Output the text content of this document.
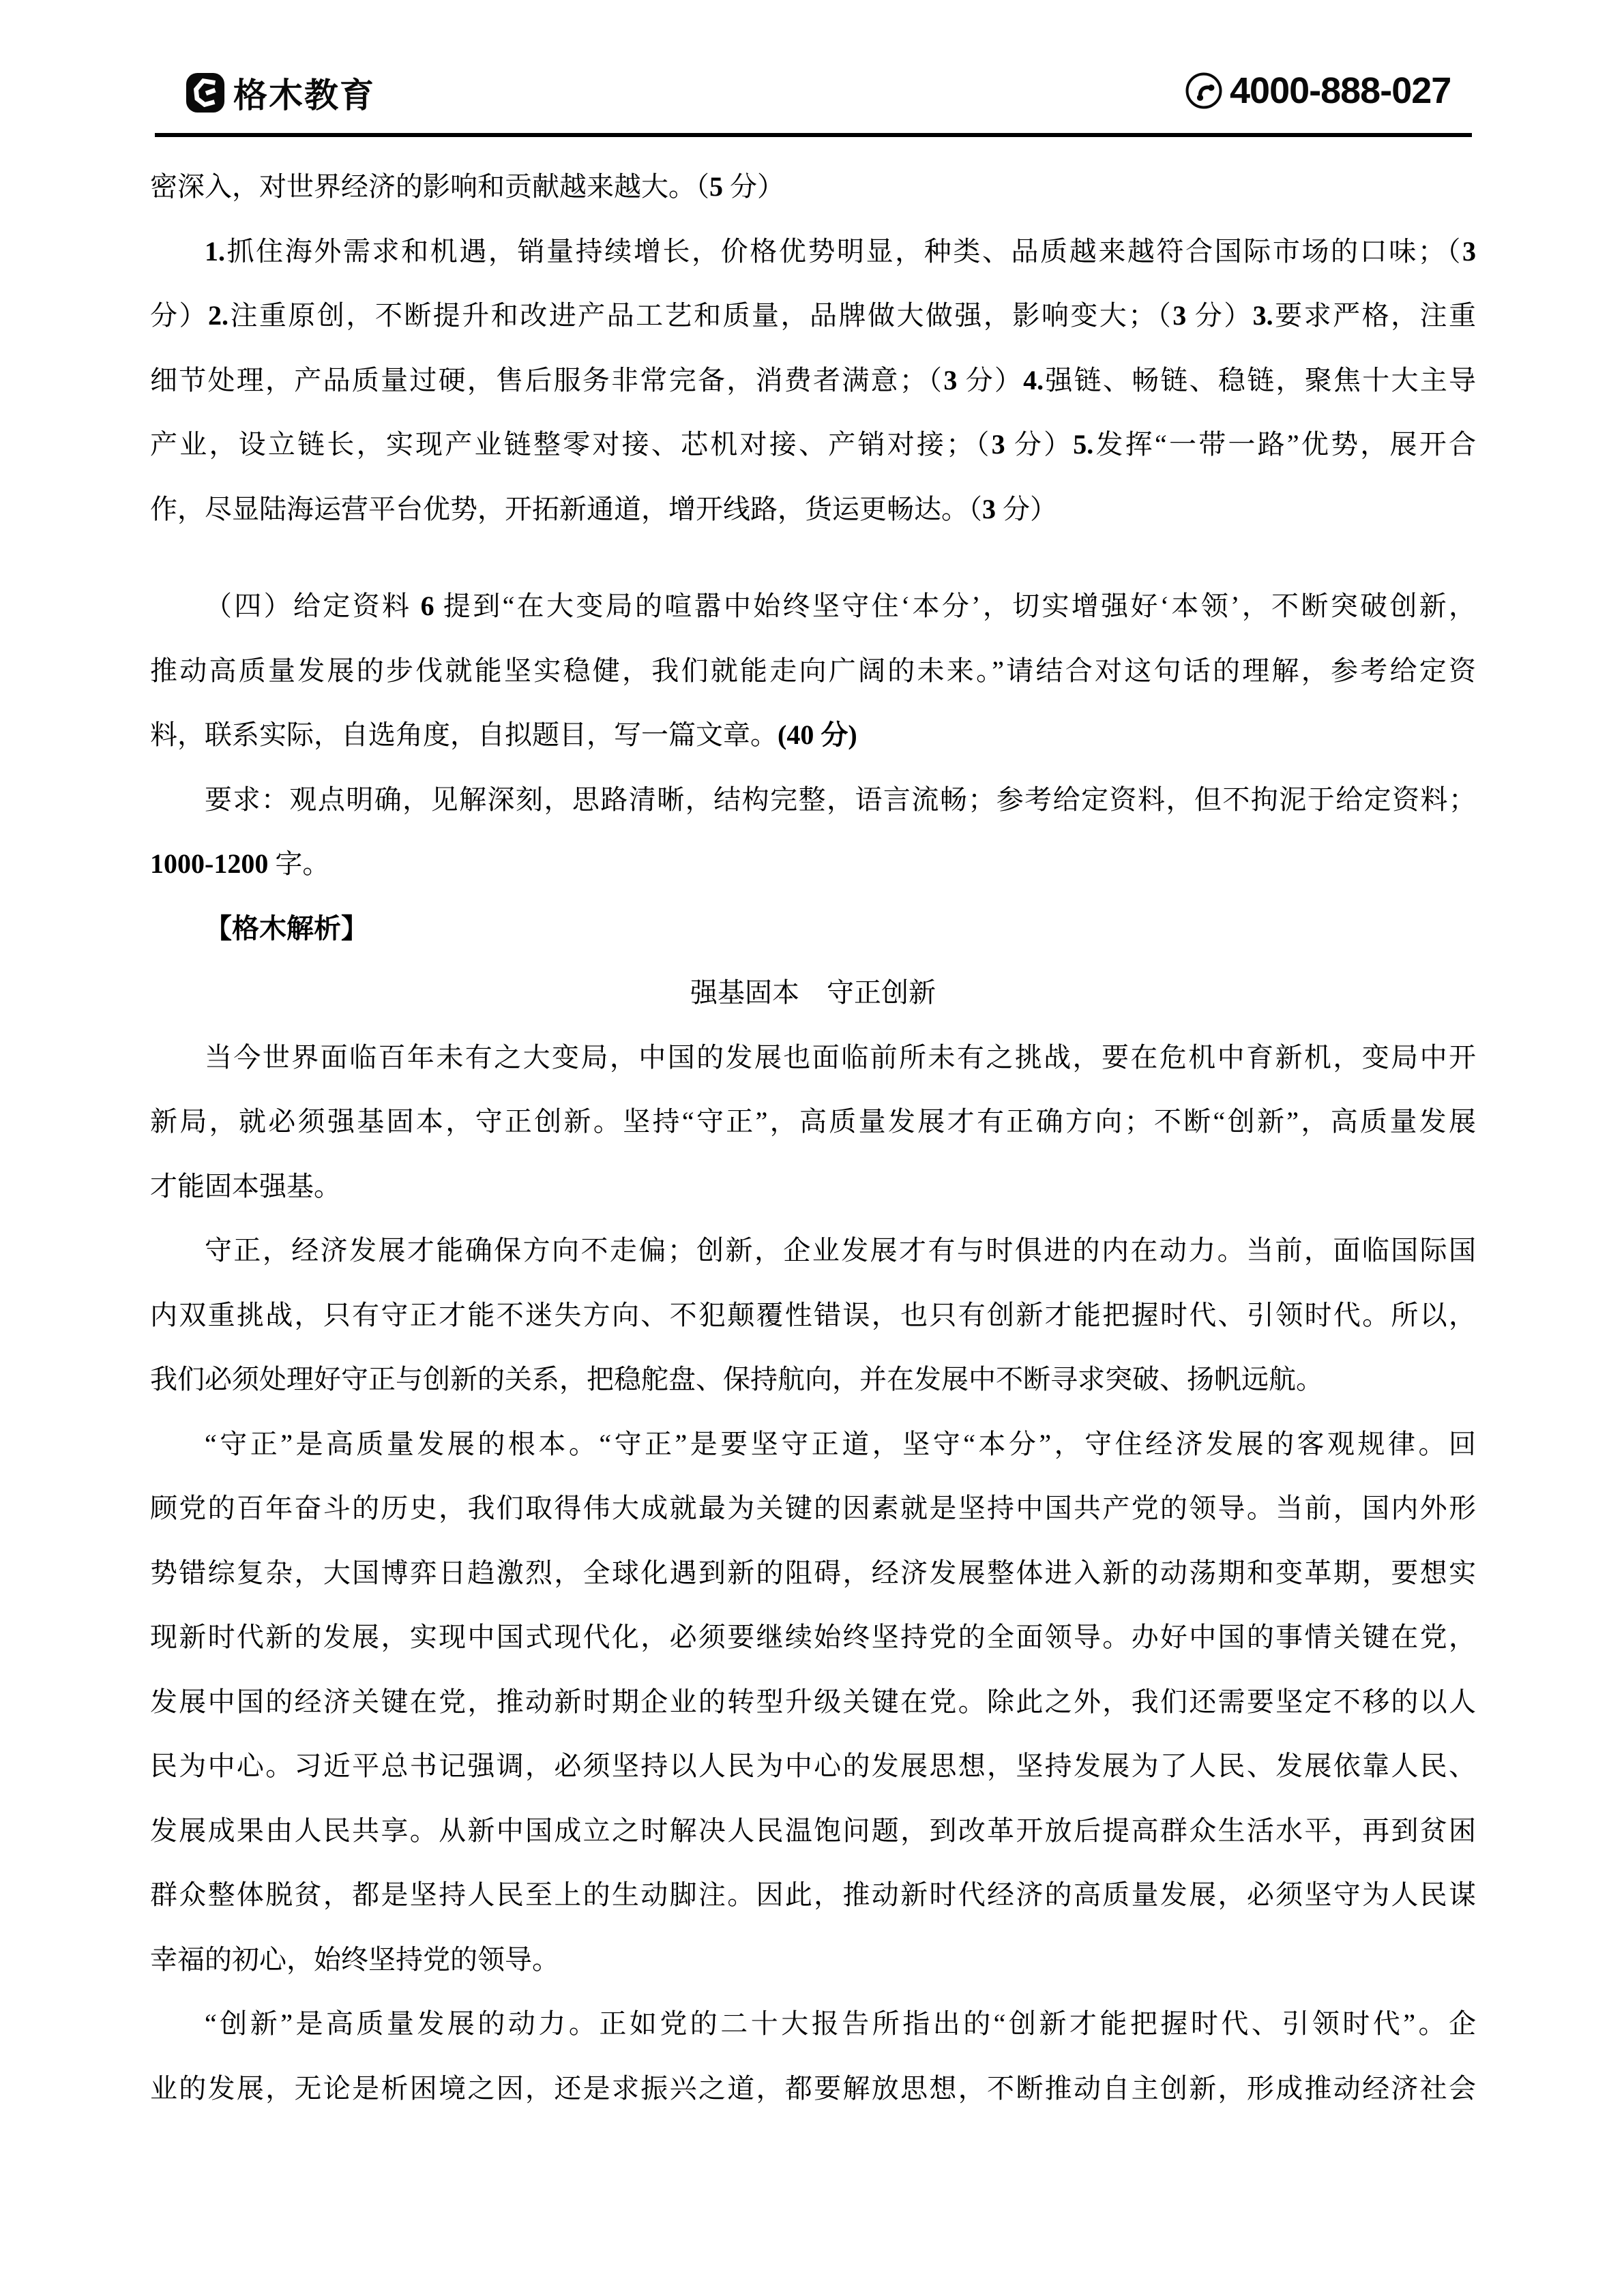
格木教育	4000-888-027
密深入，对世界经济的影响和贡献越来越大。（5 分）
1.抓住海外需求和机遇，销量持续增长，价格优势明显，种类、品质越来越符合国际市场的口味；（3
分）2.注重原创，不断提升和改进产品工艺和质量，品牌做大做强，影响变大；（3 分）3.要求严格，注重
细节处理，产品质量过硬，售后服务非常完备，消费者满意；（3 分）4.强链、畅链、稳链，聚焦十大主导
产业，设立链长，实现产业链整零对接、芯机对接、产销对接；（3 分）5.发挥“一带一路”优势，展开合
作，尽显陆海运营平台优势，开拓新通道，增开线路，货运更畅达。（3 分）
（四）给定资料 6 提到“在大变局的喧嚣中始终坚守住‘本分’，切实增强好‘本领’，不断突破创新，
推动高质量发展的步伐就能坚实稳健，我们就能走向广阔的未来。”请结合对这句话的理解，参考给定资
料，联系实际，自选角度，自拟题目，写一篇文章。(40 分)
要求：观点明确，见解深刻，思路清晰，结构完整，语言流畅；参考给定资料，但不拘泥于给定资料；
1000-1200 字。
【格木解析】
强基固本　守正创新
当今世界面临百年未有之大变局，中国的发展也面临前所未有之挑战，要在危机中育新机，变局中开
新局，就必须强基固本，守正创新。坚持“守正”，高质量发展才有正确方向；不断“创新”，高质量发展
才能固本强基。
守正，经济发展才能确保方向不走偏；创新，企业发展才有与时俱进的内在动力。当前，面临国际国
内双重挑战，只有守正才能不迷失方向、不犯颠覆性错误，也只有创新才能把握时代、引领时代。所以，
我们必须处理好守正与创新的关系，把稳舵盘、保持航向，并在发展中不断寻求突破、扬帆远航。
“守正”是高质量发展的根本。“守正”是要坚守正道，坚守“本分”，守住经济发展的客观规律。回
顾党的百年奋斗的历史，我们取得伟大成就最为关键的因素就是坚持中国共产党的领导。当前，国内外形
势错综复杂，大国博弈日趋激烈，全球化遇到新的阻碍，经济发展整体进入新的动荡期和变革期，要想实
现新时代新的发展，实现中国式现代化，必须要继续始终坚持党的全面领导。办好中国的事情关键在党，
发展中国的经济关键在党，推动新时期企业的转型升级关键在党。除此之外，我们还需要坚定不移的以人
民为中心。习近平总书记强调，必须坚持以人民为中心的发展思想，坚持发展为了人民、发展依靠人民、
发展成果由人民共享。从新中国成立之时解决人民温饱问题，到改革开放后提高群众生活水平，再到贫困
群众整体脱贫，都是坚持人民至上的生动脚注。因此，推动新时代经济的高质量发展，必须坚守为人民谋
幸福的初心，始终坚持党的领导。
“创新”是高质量发展的动力。正如党的二十大报告所指出的“创新才能把握时代、引领时代”。企
业的发展，无论是析困境之因，还是求振兴之道，都要解放思想，不断推动自主创新，形成推动经济社会
